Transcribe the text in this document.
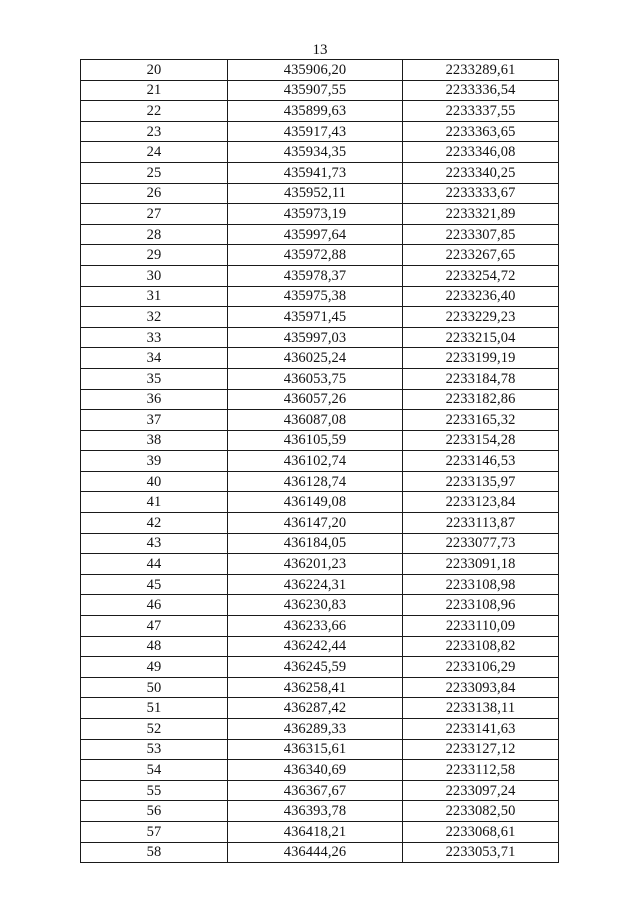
13
20	435906,20	2233289,61
21	435907,55	2233336,54
22	435899,63	2233337,55
23	435917,43	2233363,65
24	435934,35	2233346,08
25	435941,73	2233340,25
26	435952,11	2233333,67
27	435973,19	2233321,89
28	435997,64	2233307,85
29	435972,88	2233267,65
30	435978,37	2233254,72
31	435975,38	2233236,40
32	435971,45	2233229,23
33	435997,03	2233215,04
34	436025,24	2233199,19
35	436053,75	2233184,78
36	436057,26	2233182,86
37	436087,08	2233165,32
38	436105,59	2233154,28
39	436102,74	2233146,53
40	436128,74	2233135,97
41	436149,08	2233123,84
42	436147,20	2233113,87
43	436184,05	2233077,73
44	436201,23	2233091,18
45	436224,31	2233108,98
46	436230,83	2233108,96
47	436233,66	2233110,09
48	436242,44	2233108,82
49	436245,59	2233106,29
50	436258,41	2233093,84
51	436287,42	2233138,11
52	436289,33	2233141,63
53	436315,61	2233127,12
54	436340,69	2233112,58
55	436367,67	2233097,24
56	436393,78	2233082,50
57	436418,21	2233068,61
58	436444,26	2233053,71
